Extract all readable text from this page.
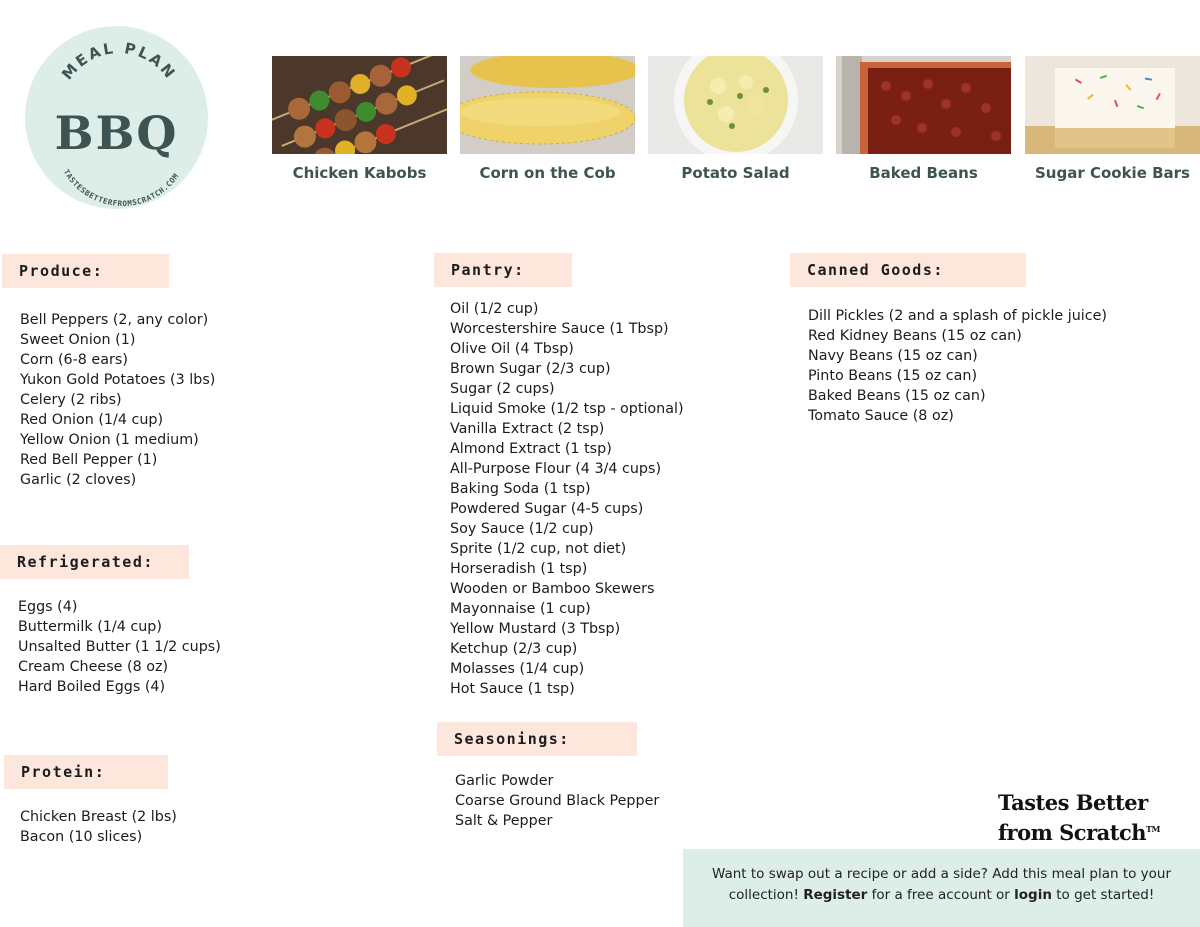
MEAL PLAN
TASTESBETTERFROMSCRATCH.COM
BBQ
Chicken Kabobs	Corn on the Cob	Potato Salad	Baked Beans	Sugar Cookie Bars
Produce:
Bell Peppers (2, any color)
Sweet Onion (1)
Corn (6-8 ears)
Yukon Gold Potatoes (3 lbs)
Celery (2 ribs)
Red Onion (1/4 cup)
Yellow Onion (1 medium)
Red Bell Pepper (1)
Garlic (2 cloves)
Refrigerated:
Eggs (4)
Buttermilk (1/4 cup)
Unsalted Butter (1 1/2 cups)
Cream Cheese (8 oz)
Hard Boiled Eggs (4)
Protein:
Chicken Breast (2 lbs)
Bacon (10 slices)
Pantry:
Oil (1/2 cup)
Worcestershire Sauce (1 Tbsp)
Olive Oil (4 Tbsp)
Brown Sugar (2/3 cup)
Sugar (2 cups)
Liquid Smoke (1/2 tsp - optional)
Vanilla Extract (2 tsp)
Almond Extract (1 tsp)
All-Purpose Flour (4 3/4 cups)
Baking Soda (1 tsp)
Powdered Sugar (4-5 cups)
Soy Sauce (1/2 cup)
Sprite (1/2 cup, not diet)
Horseradish (1 tsp)
Wooden or Bamboo Skewers
Mayonnaise (1 cup)
Yellow Mustard (3 Tbsp)
Ketchup (2/3 cup)
Molasses (1/4 cup)
Hot Sauce (1 tsp)
Seasonings:
Garlic Powder
Coarse Ground Black Pepper
Salt & Pepper
Canned Goods:
Dill Pickles (2 and a splash of pickle juice)
Red Kidney Beans (15 oz can)
Navy Beans (15 oz can)
Pinto Beans (15 oz can)
Baked Beans (15 oz can)
Tomato Sauce (8 oz)
Tastes Better
from Scratch™
Want to swap out a recipe or add a side? Add this meal plan to your
collection! Register for a free account or login to get started!
